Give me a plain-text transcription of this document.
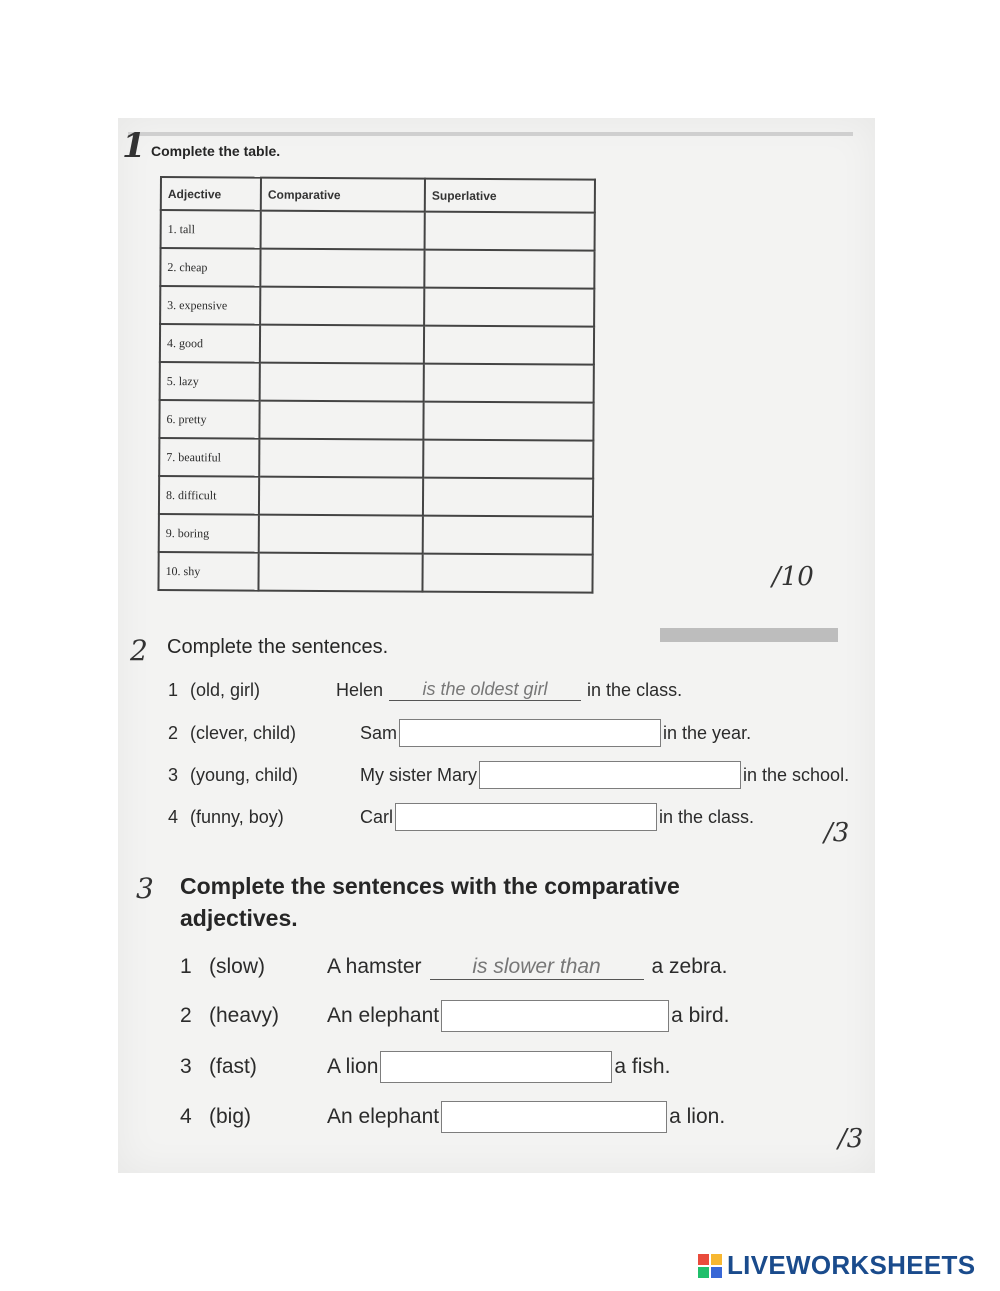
1 Complete the table.
Adjective	Comparative	Superlative
1. tall	

2. cheap	

3. expensive	

4. good	

5. lazy	

6. pretty	

7. beautiful	

8. difficult	

9. boring	

10. shy	
		/10
2 Complete the sentences.
1 (old, girl)	Helen	is the oldest girl	in the class.
2 (clever, child)	Sam	in the year.
3 (young, child)	My sister Mary	in the school.
4 (funny, boy)	Carl	in the class.
/3
3 Complete the sentences with the comparative
adjectives.
1 (slow)	A hamster	is slower than	a zebra.
2 (heavy)	An elephant	a bird.
3 (fast)	A lion	a fish.
4 (big)	An elephant	a lion.
/3
LIVEWORKSHEETS
